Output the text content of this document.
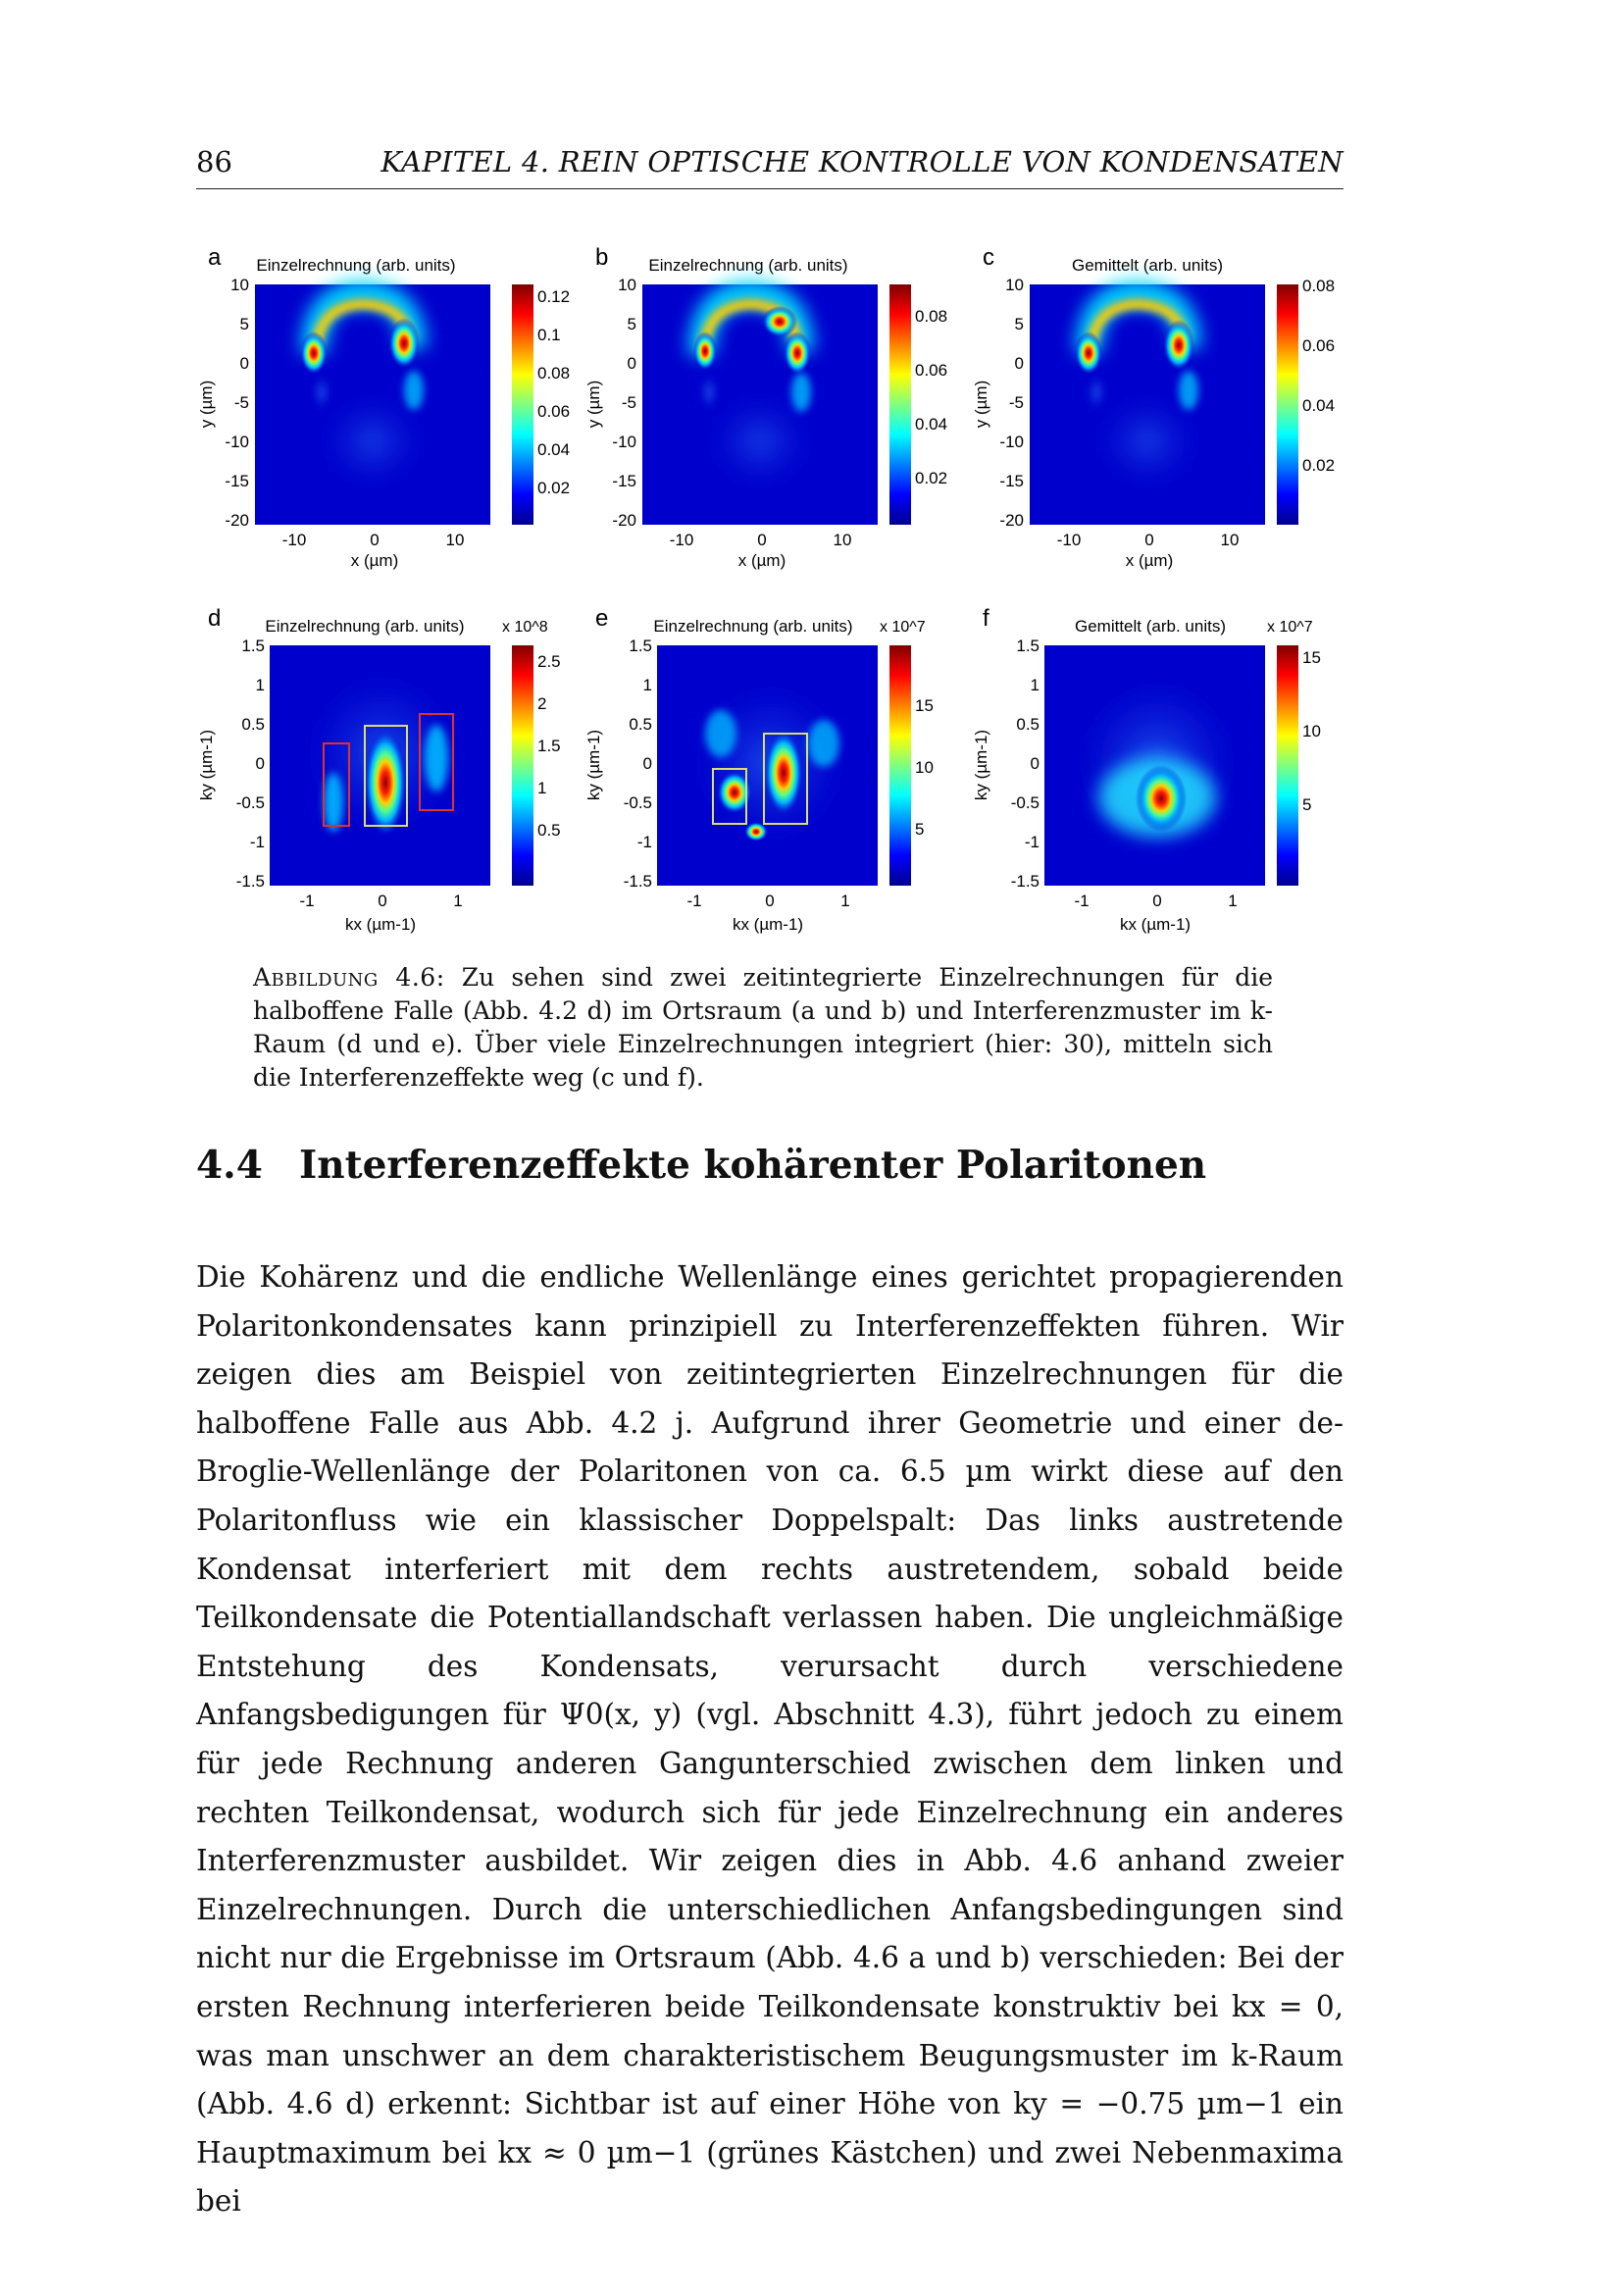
86	KAPITEL 4. REIN OPTISCHE KONTROLLE VON KONDENSATEN
a Einzelrechnung (arb. units)
10
5
0
-5
-10
-15
-20
-10	0	10
x (µm)
y (µm)
0.12
0.1
0.08
0.06
0.04
0.02
b Einzelrechnung (arb. units)
10
5
0
-5
-10
-15
-20
-10	0	10
x (µm)
y (µm)
0.08
0.06
0.04
0.02
c	Gemittelt (arb. units)
10
5
0
-5
-10
-15
-20
-10	0	10
x (µm)
y (µm)
0.08
0.06
0.04
0.02
d	Einzelrechnung (arb. units)
1.5
1
0.5
0
-0.5
-1
-1.5
-1	0	1
kx (µm-1)
ky (µm-1)
x 10^8
2.5
2
1.5
1
0.5
e	Einzelrechnung (arb. units)
1.5
1
0.5
0
-0.5
-1
-1.5
-1	0	1
kx (µm-1)
ky (µm-1)
x 10^7
15
10
5
f	Gemittelt (arb. units)
1.5
1
0.5
0
-0.5
-1
-1.5
-1	0	1
kx (µm-1)
ky (µm-1)
x 10^7
15
10
5
Abbildung 4.6: Zu sehen sind zwei zeitintegrierte Einzelrechnungen für die halboffene Falle (Abb. 4.2 d) im Ortsraum (a und b) und Interferenzmuster im k-Raum (d und e). Über viele Einzelrechnungen integriert (hier: 30), mitteln sich die Interferenzeffekte weg (c und f).
4.4 Interferenzeffekte kohärenter Polaritonen

Die Kohärenz und die endliche Wellenlänge eines gerichtet propagierenden Polaritonkondensates kann prinzipiell zu Interferenzeffekten führen. Wir zeigen dies am Beispiel von zeitintegrierten Einzelrechnungen für die halboffene Falle aus Abb. 4.2 j. Aufgrund ihrer Geometrie und einer de-Broglie-Wellenlänge der Polaritonen von ca. 6.5 µm wirkt diese auf den Polaritonfluss wie ein klassischer Doppelspalt: Das links austretende Kondensat interferiert mit dem rechts austretendem, sobald beide Teilkondensate die Potentiallandschaft verlassen haben. Die ungleichmäßige Entstehung des Kondensats, verursacht durch verschiedene Anfangsbedigungen für Ψ0(x, y) (vgl. Abschnitt 4.3), führt jedoch zu einem für jede Rechnung anderen Gangunterschied zwischen dem linken und rechten Teilkondensat, wodurch sich für jede Einzelrechnung ein anderes Interferenzmuster ausbildet. Wir zeigen dies in Abb. 4.6 anhand zweier Einzelrechnungen. Durch die unterschiedlichen Anfangsbedingungen sind nicht nur die Ergebnisse im Ortsraum (Abb. 4.6 a und b) verschieden: Bei der ersten Rechnung interferieren beide Teilkondensate konstruktiv bei kx = 0, was man unschwer an dem charakteristischem Beugungsmuster im k-Raum (Abb. 4.6 d) erkennt: Sichtbar ist auf einer Höhe von ky = −0.75 µm−1 ein Hauptmaximum bei kx ≈ 0 µm−1 (grünes Kästchen) und zwei Nebenmaxima bei
